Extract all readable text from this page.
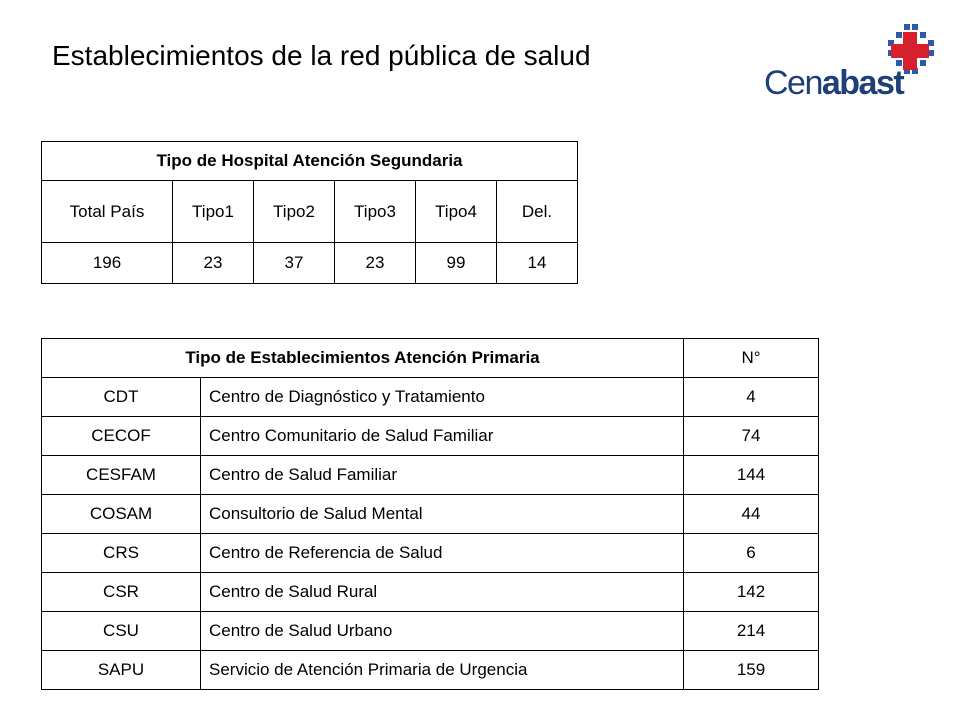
Establecimientos de la red pública de salud
Cenabast
Tipo de Hospital Atención Segundaria					
Total País	Tipo1	Tipo2	Tipo3	Tipo4	Del.
196	23	37	23	99	14
Tipo de Establecimientos Atención Primaria		N°
CDT	Centro de Diagnóstico y Tratamiento	4
CECOF	Centro Comunitario de Salud Familiar	74
CESFAM	Centro de Salud Familiar	144
COSAM	Consultorio de Salud Mental	44
CRS	Centro de Referencia de Salud	6
CSR	Centro de Salud Rural	142
CSU	Centro de Salud Urbano	214
SAPU	Servicio de Atención Primaria de Urgencia	159
